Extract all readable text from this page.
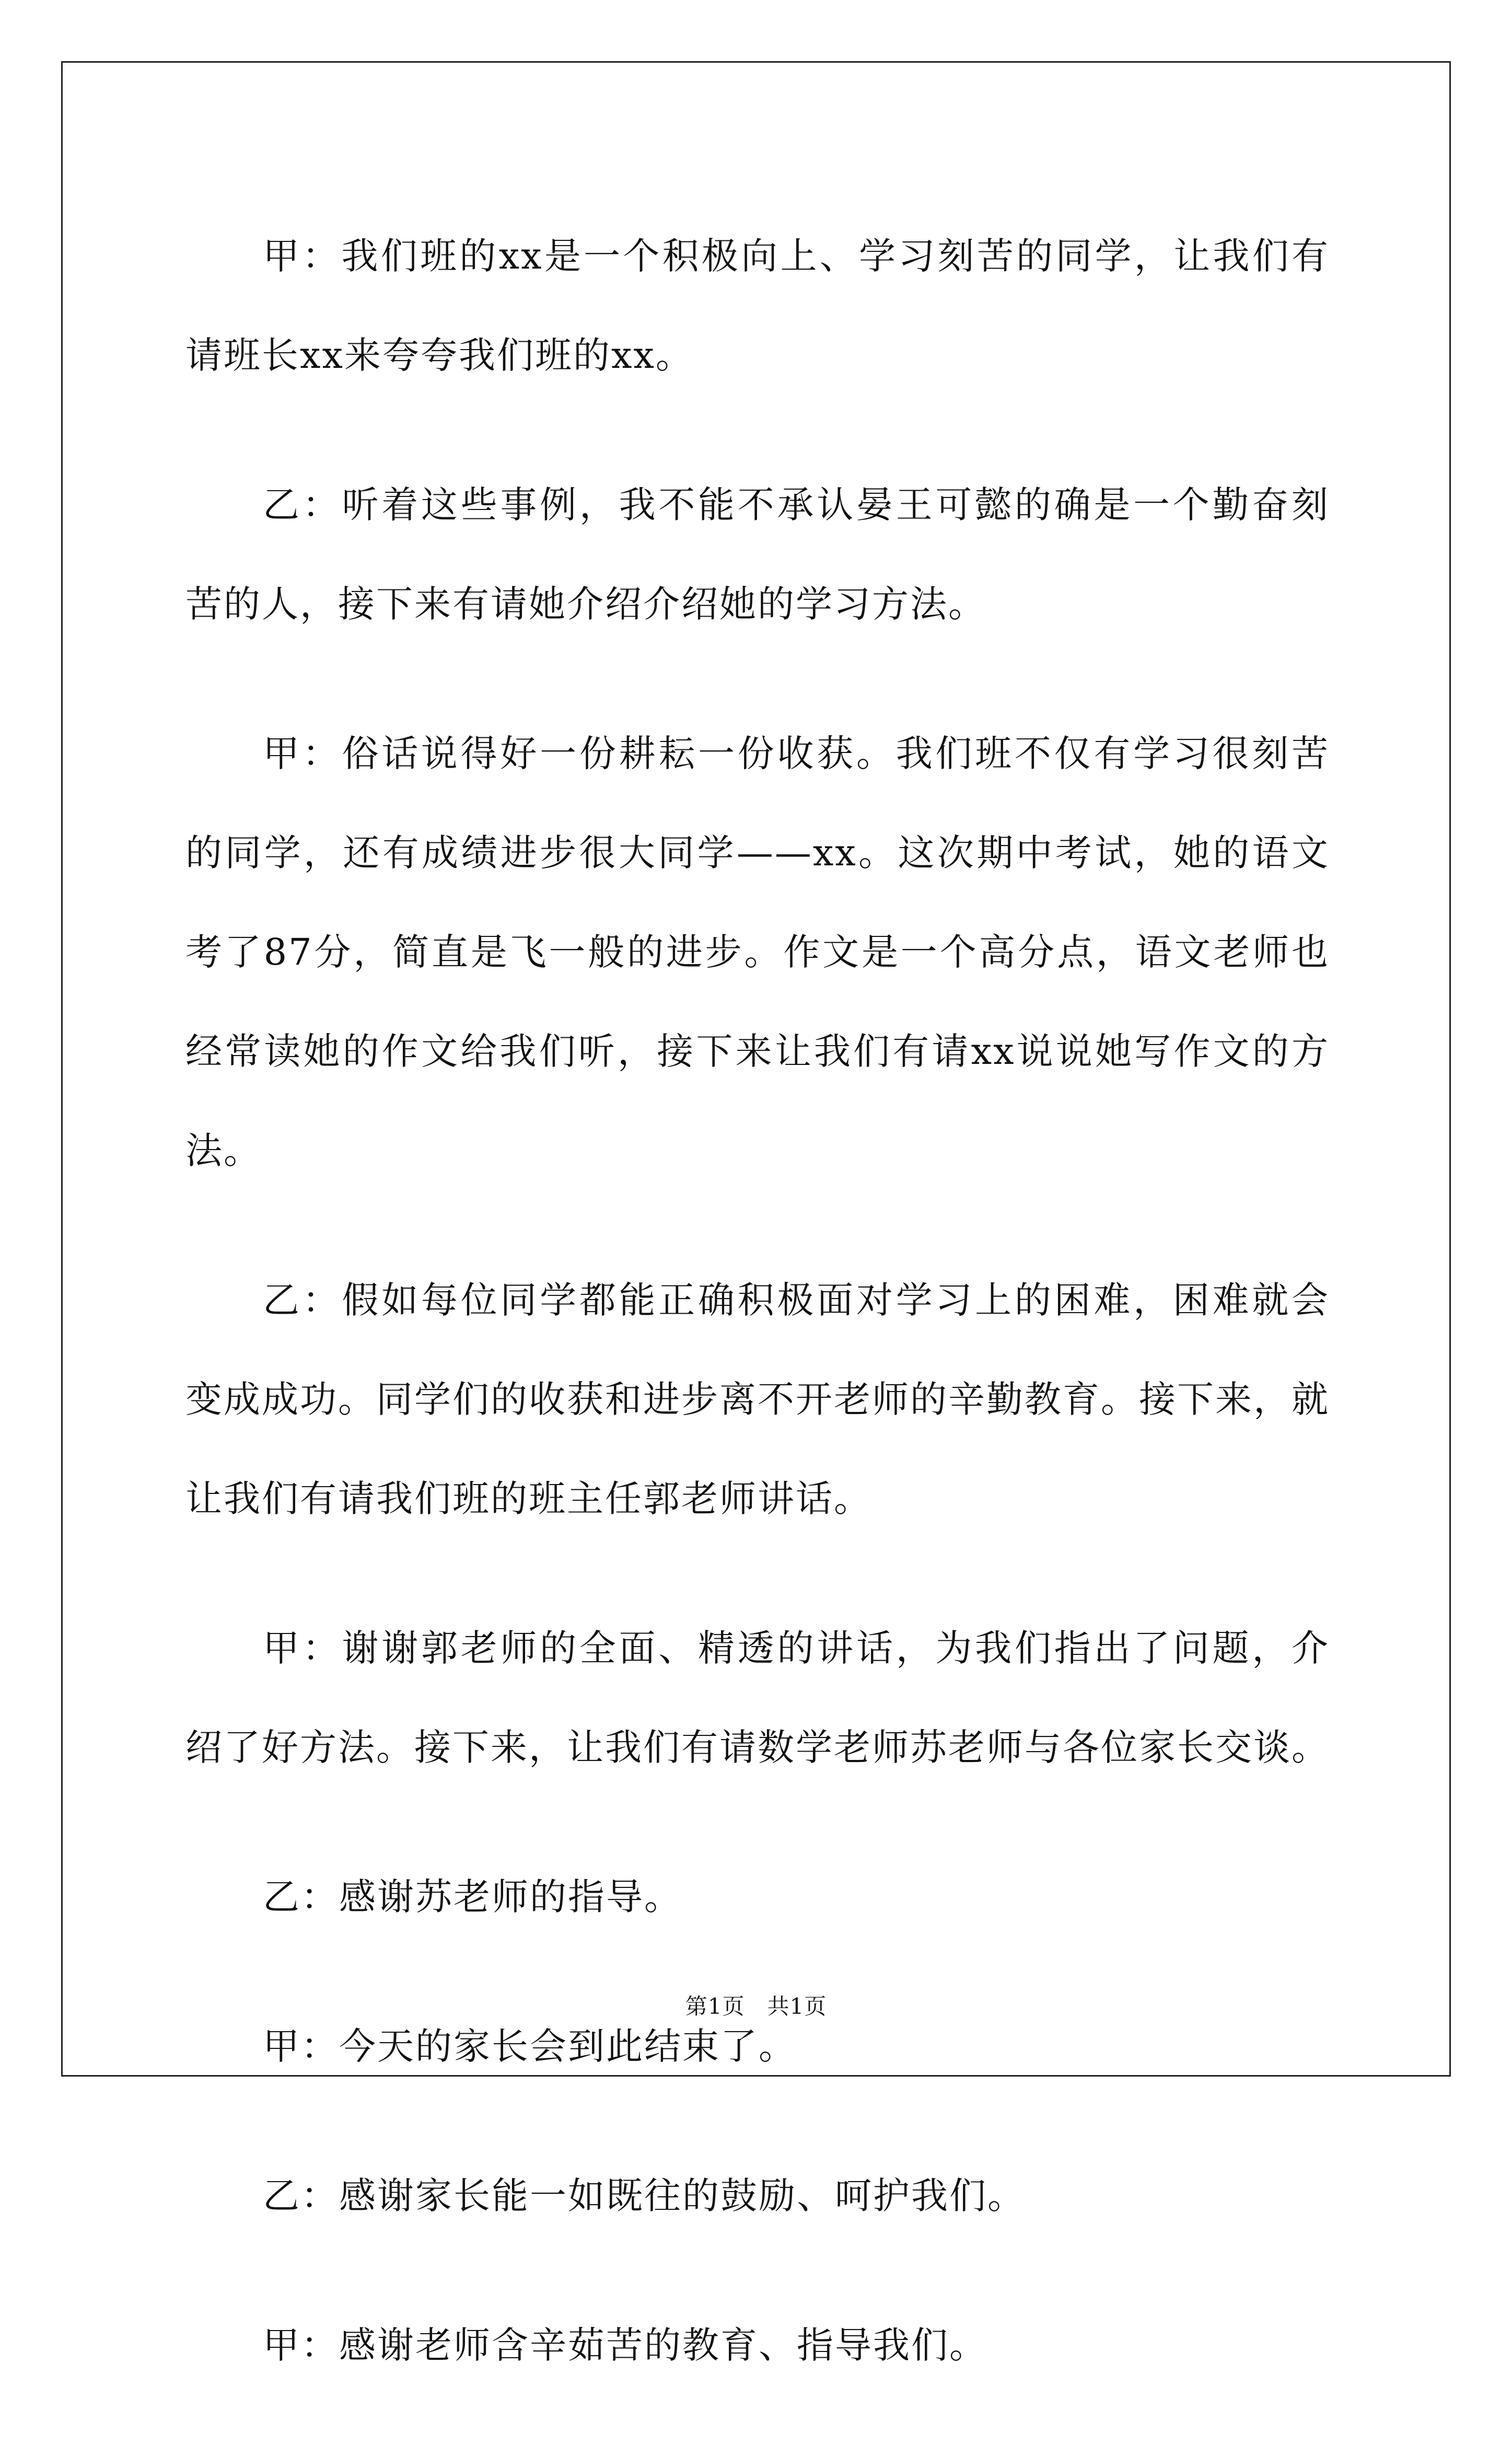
甲：我们班的xx是一个积极向上、学习刻苦的同学，让我们有请班长xx来夸夸我们班的xx。

乙：听着这些事例，我不能不承认晏王可懿的确是一个勤奋刻苦的人，接下来有请她介绍介绍她的学习方法。

甲：俗话说得好一份耕耘一份收获。我们班不仅有学习很刻苦的同学，还有成绩进步很大同学——xx。这次期中考试，她的语文考了87分，简直是飞一般的进步。作文是一个高分点，语文老师也经常读她的作文给我们听，接下来让我们有请xx说说她写作文的方法。

乙：假如每位同学都能正确积极面对学习上的困难，困难就会变成成功。同学们的收获和进步离不开老师的辛勤教育。接下来，就让我们有请我们班的班主任郭老师讲话。

甲：谢谢郭老师的全面、精透的讲话，为我们指出了问题，介绍了好方法。接下来，让我们有请数学老师苏老师与各位家长交谈。

乙：感谢苏老师的指导。

甲：今天的家长会到此结束了。

乙：感谢家长能一如既往的鼓励、呵护我们。

甲：感谢老师含辛茹苦的教育、指导我们。

第1页　共1页
